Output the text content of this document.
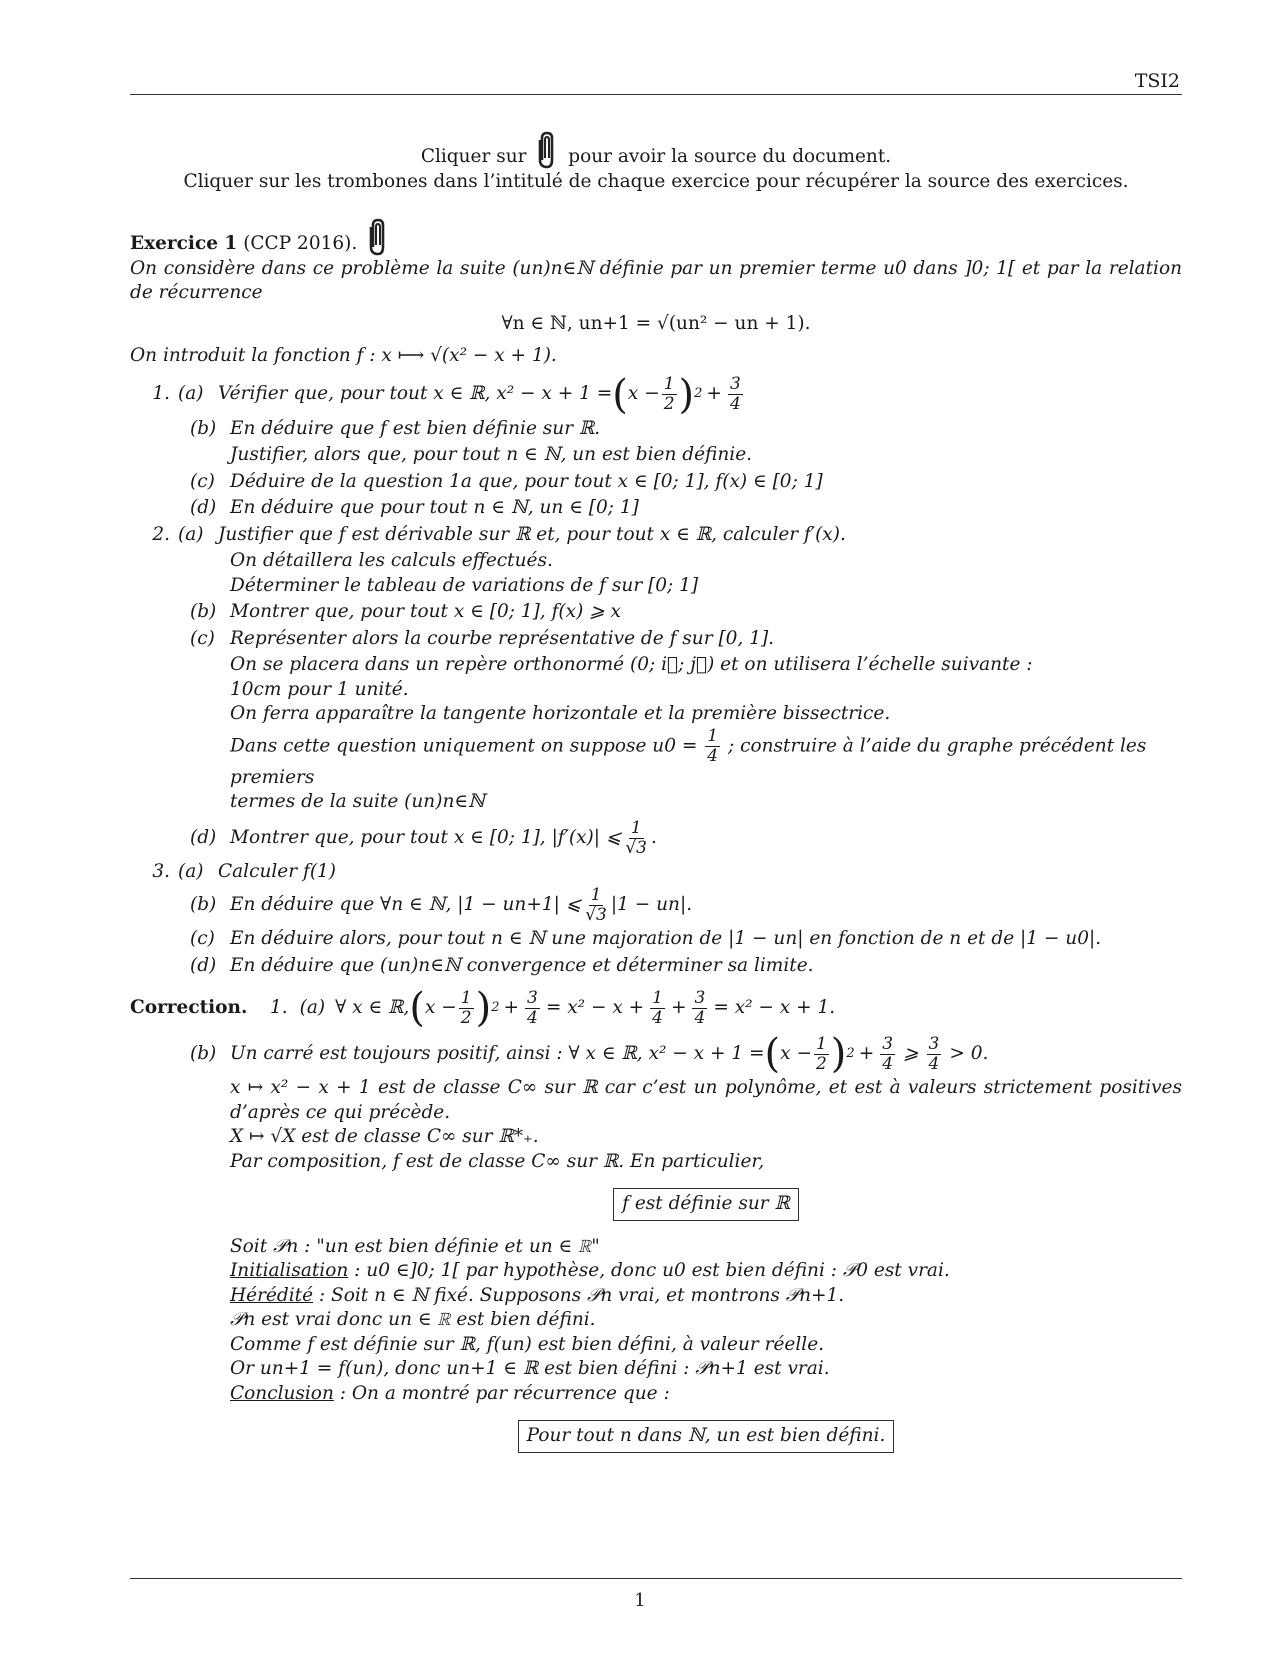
TSI2
Cliquer sur pour avoir la source du document.
Cliquer sur les trombones dans l’intitulé de chaque exercice pour récupérer la source des exercices.
Exercice 1 (CCP 2016).
On considère dans ce problème la suite (un)n∈ℕ définie par un premier terme u0 dans ]0; 1[ et par la relation de récurrence
∀n ∈ ℕ, un+1 = √(un² − un + 1).
On introduit la fonction f : x ⟼ √(x² − x + 1).
1. (a) Vérifier que, pour tout x ∈ ℝ, x² − x + 1 = ( $x - \frac{1}{2}$ ) $2 + \frac{3}{4}$
(b) En déduire que f est bien définie sur ℝ.
Justifier, alors que, pour tout n ∈ ℕ, un est bien définie.
(c) Déduire de la question 1a que, pour tout x ∈ [0; 1], f(x) ∈ [0; 1]
(d) En déduire que pour tout n ∈ ℕ, un ∈ [0; 1]
2. (a) Justifier que f est dérivable sur ℝ et, pour tout x ∈ ℝ, calculer f′(x).
On détaillera les calculs effectués.
Déterminer le tableau de variations de f sur [0; 1]
(b) Montrer que, pour tout x ∈ [0; 1], f(x) ⩾ x
(c) Représenter alors la courbe représentative de f sur [0, 1].
On se placera dans un repère orthonormé (0; i⃗; j⃗) et on utilisera l’échelle suivante :
10cm pour 1 unité.
On ferra apparaître la tangente horizontale et la première bissectrice.
Dans cette question uniquement on suppose $u0 = \frac{1}{4}$ ; construire à l’aide du graphe précédent les premiers
termes de la suite (un)n∈ℕ
(d) Montrer que, pour tout x ∈ [0; 1], |f′(x)| ⩽ $\frac{1}{√3}$ .
3. (a) Calculer f(1)
(b) En déduire que ∀n ∈ ℕ, |1 − un+1| ⩽ $\frac{1}{√3} |1 - un|$.
(c) En déduire alors, pour tout n ∈ ℕ une majoration de |1 − un| en fonction de n et de |1 − u0|.
(d) En déduire que (un)n∈ℕ convergence et déterminer sa limite.
Correction.	1. (a) ∀ x ∈ ℝ, ( $x - \frac{1}{2}$ ) $2 + \frac{3}{4} = x^2 - x + \frac{1}{4} + \frac{3}{4} = x^2 - x + 1$.
(b) Un carré est toujours positif, ainsi : ∀ x ∈ ℝ, x² − x + 1 = ( $x - \frac{1}{2}$ ) $2 + \frac{3}{4}$ ⩾ $\frac{3}{4} > 0$.
x ↦ x² − x + 1 est de classe C∞ sur ℝ car c’est un polynôme, et est à valeurs strictement positives d’après ce qui précède.
X ↦ √X est de classe C∞ sur ℝ*₊.
Par composition, f est de classe C∞ sur ℝ. En particulier,
f est définie sur ℝ
Soit 𝒫n : "un est bien définie et un ∈ ℝ"
Initialisation : u0 ∈]0; 1[ par hypothèse, donc u0 est bien défini : 𝒫0 est vrai.
Hérédité : Soit n ∈ ℕ fixé. Supposons 𝒫n vrai, et montrons 𝒫n+1.
𝒫n est vrai donc un ∈ ℝ est bien défini.
Comme f est définie sur ℝ, f(un) est bien défini, à valeur réelle.
Or un+1 = f(un), donc un+1 ∈ ℝ est bien défini : 𝒫n+1 est vrai.
Conclusion : On a montré par récurrence que :
Pour tout n dans ℕ, un est bien défini.
1
